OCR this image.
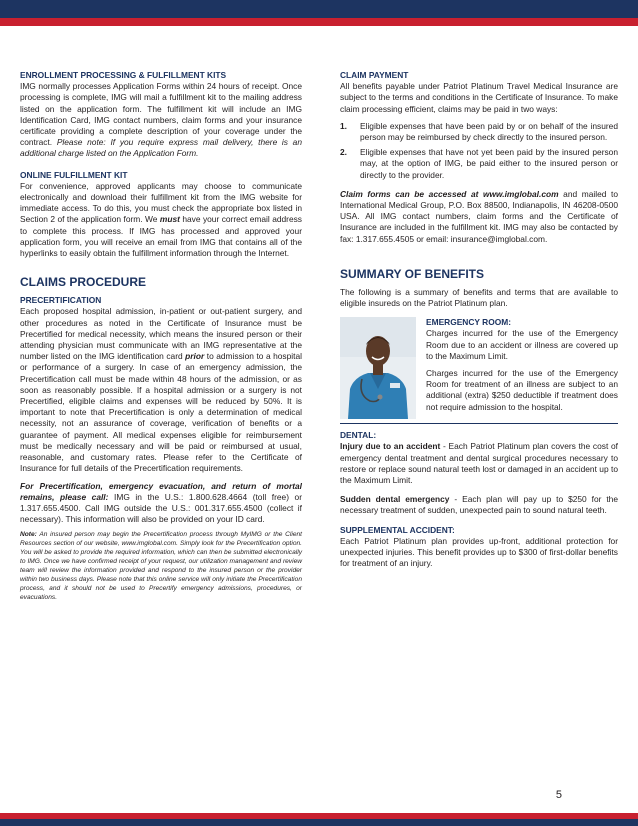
ENROLLMENT PROCESSING & FULFILLMENT KITS

IMG normally processes Application Forms within 24 hours of receipt. Once processing is complete, IMG will mail a fulfillment kit to the mailing address listed on the application form. The fulfillment kit will include an IMG Identification Card, IMG contact numbers, claim forms and your insurance certificate providing a complete description of your coverage under the contract. Please note: If you require express mail delivery, there is an additional charge listed on the Application Form.

ONLINE FULFILLMENT KIT

For convenience, approved applicants may choose to communicate electronically and download their fulfillment kit from the IMG website for immediate access. To do this, you must check the appropriate box listed in Section 2 of the application form. We must have your correct email address to complete this process. If IMG has processed and approved your application form, you will receive an email from IMG that contains all of the hyperlinks to easily obtain the fulfillment information through the Internet.

CLAIMS PROCEDURE
PRECERTIFICATION

Each proposed hospital admission, in-patient or out-patient surgery, and other procedures as noted in the Certificate of Insurance must be Precertified for medical necessity, which means the insured person or their attending physician must communicate with an IMG representative at the number listed on the IMG identification card prior to admission to a hospital or performance of a surgery. In case of an emergency admission, the Precertification call must be made within 48 hours of the admission, or as soon as reasonably possible. If a hospital admission or a surgery is not Precertified, eligible claims and expenses will be reduced by 50%. It is important to note that Precertification is only a determination of medical necessity, not an assurance of coverage, verification of benefits or a guarantee of payment. All medical expenses eligible for reimbursement must be medically necessary and will be paid or reimbursed at usual, reasonable, and customary rates. Please refer to the Certificate of Insurance for full details of the Precertification requirements.

For Precertification, emergency evacuation, and return of mortal remains, please call: IMG in the U.S.: 1.800.628.4664 (toll free) or 1.317.655.4500. Call IMG outside the U.S.: 001.317.655.4500 (collect if necessary). This information will also be provided on your ID card.

Note: An insured person may begin the Precertification process through MyIMG or the Client Resources section of our website, www.imglobal.com. Simply look for the Precertification option. You will be asked to provide the required information, which can then be submitted electronically to IMG. Once we have confirmed receipt of your request, our utilization management and review team will review the information provided and respond to the insured person or the provider within two business days. Please note that this online service will only initiate the Precertification process, and it should not be used to Precertify emergency admissions, procedures, or evacuations.
CLAIM PAYMENT

All benefits payable under Patriot Platinum Travel Medical Insurance are subject to the terms and conditions in the Certificate of Insurance. To make claim processing efficient, claims may be paid in two ways:

1.	Eligible expenses that have been paid by or on behalf of the insured person may be reimbursed by check directly to the insured person.
2.	Eligible expenses that have not yet been paid by the insured person may, at the option of IMG, be paid either to the insured person or directly to the provider.

Claim forms can be accessed at www.imglobal.com and mailed to International Medical Group, P.O. Box 88500, Indianapolis, IN 46208-0500 USA. All IMG contact numbers, claim forms and the Certificate of Insurance are included in the fulfillment kit. IMG may also be contacted by fax: 1.317.655.4505 or email: insurance@imglobal.com.

SUMMARY OF BENEFITS

The following is a summary of benefits and terms that are available to eligible insureds on the Patriot Platinum plan.

EMERGENCY ROOM:

Charges incurred for the use of the Emergency Room due to an accident or illness are covered up to the Maximum Limit.

Charges incurred for the use of the Emergency Room for treatment of an illness are subject to an additional (extra) $250 deductible if treatment does not require admission to the hospital.

DENTAL:

Injury due to an accident - Each Patriot Platinum plan covers the cost of emergency dental treatment and dental surgical procedures necessary to restore or replace sound natural teeth lost or damaged in an accident up to the Maximum Limit.

Sudden dental emergency - Each plan will pay up to $250 for the necessary treatment of sudden, unexpected pain to sound natural teeth.

SUPPLEMENTAL ACCIDENT:

Each Patriot Platinum plan provides up-front, additional protection for unexpected injuries. This benefit provides up to $300 of first-dollar benefits for treatment of an injury.

5
